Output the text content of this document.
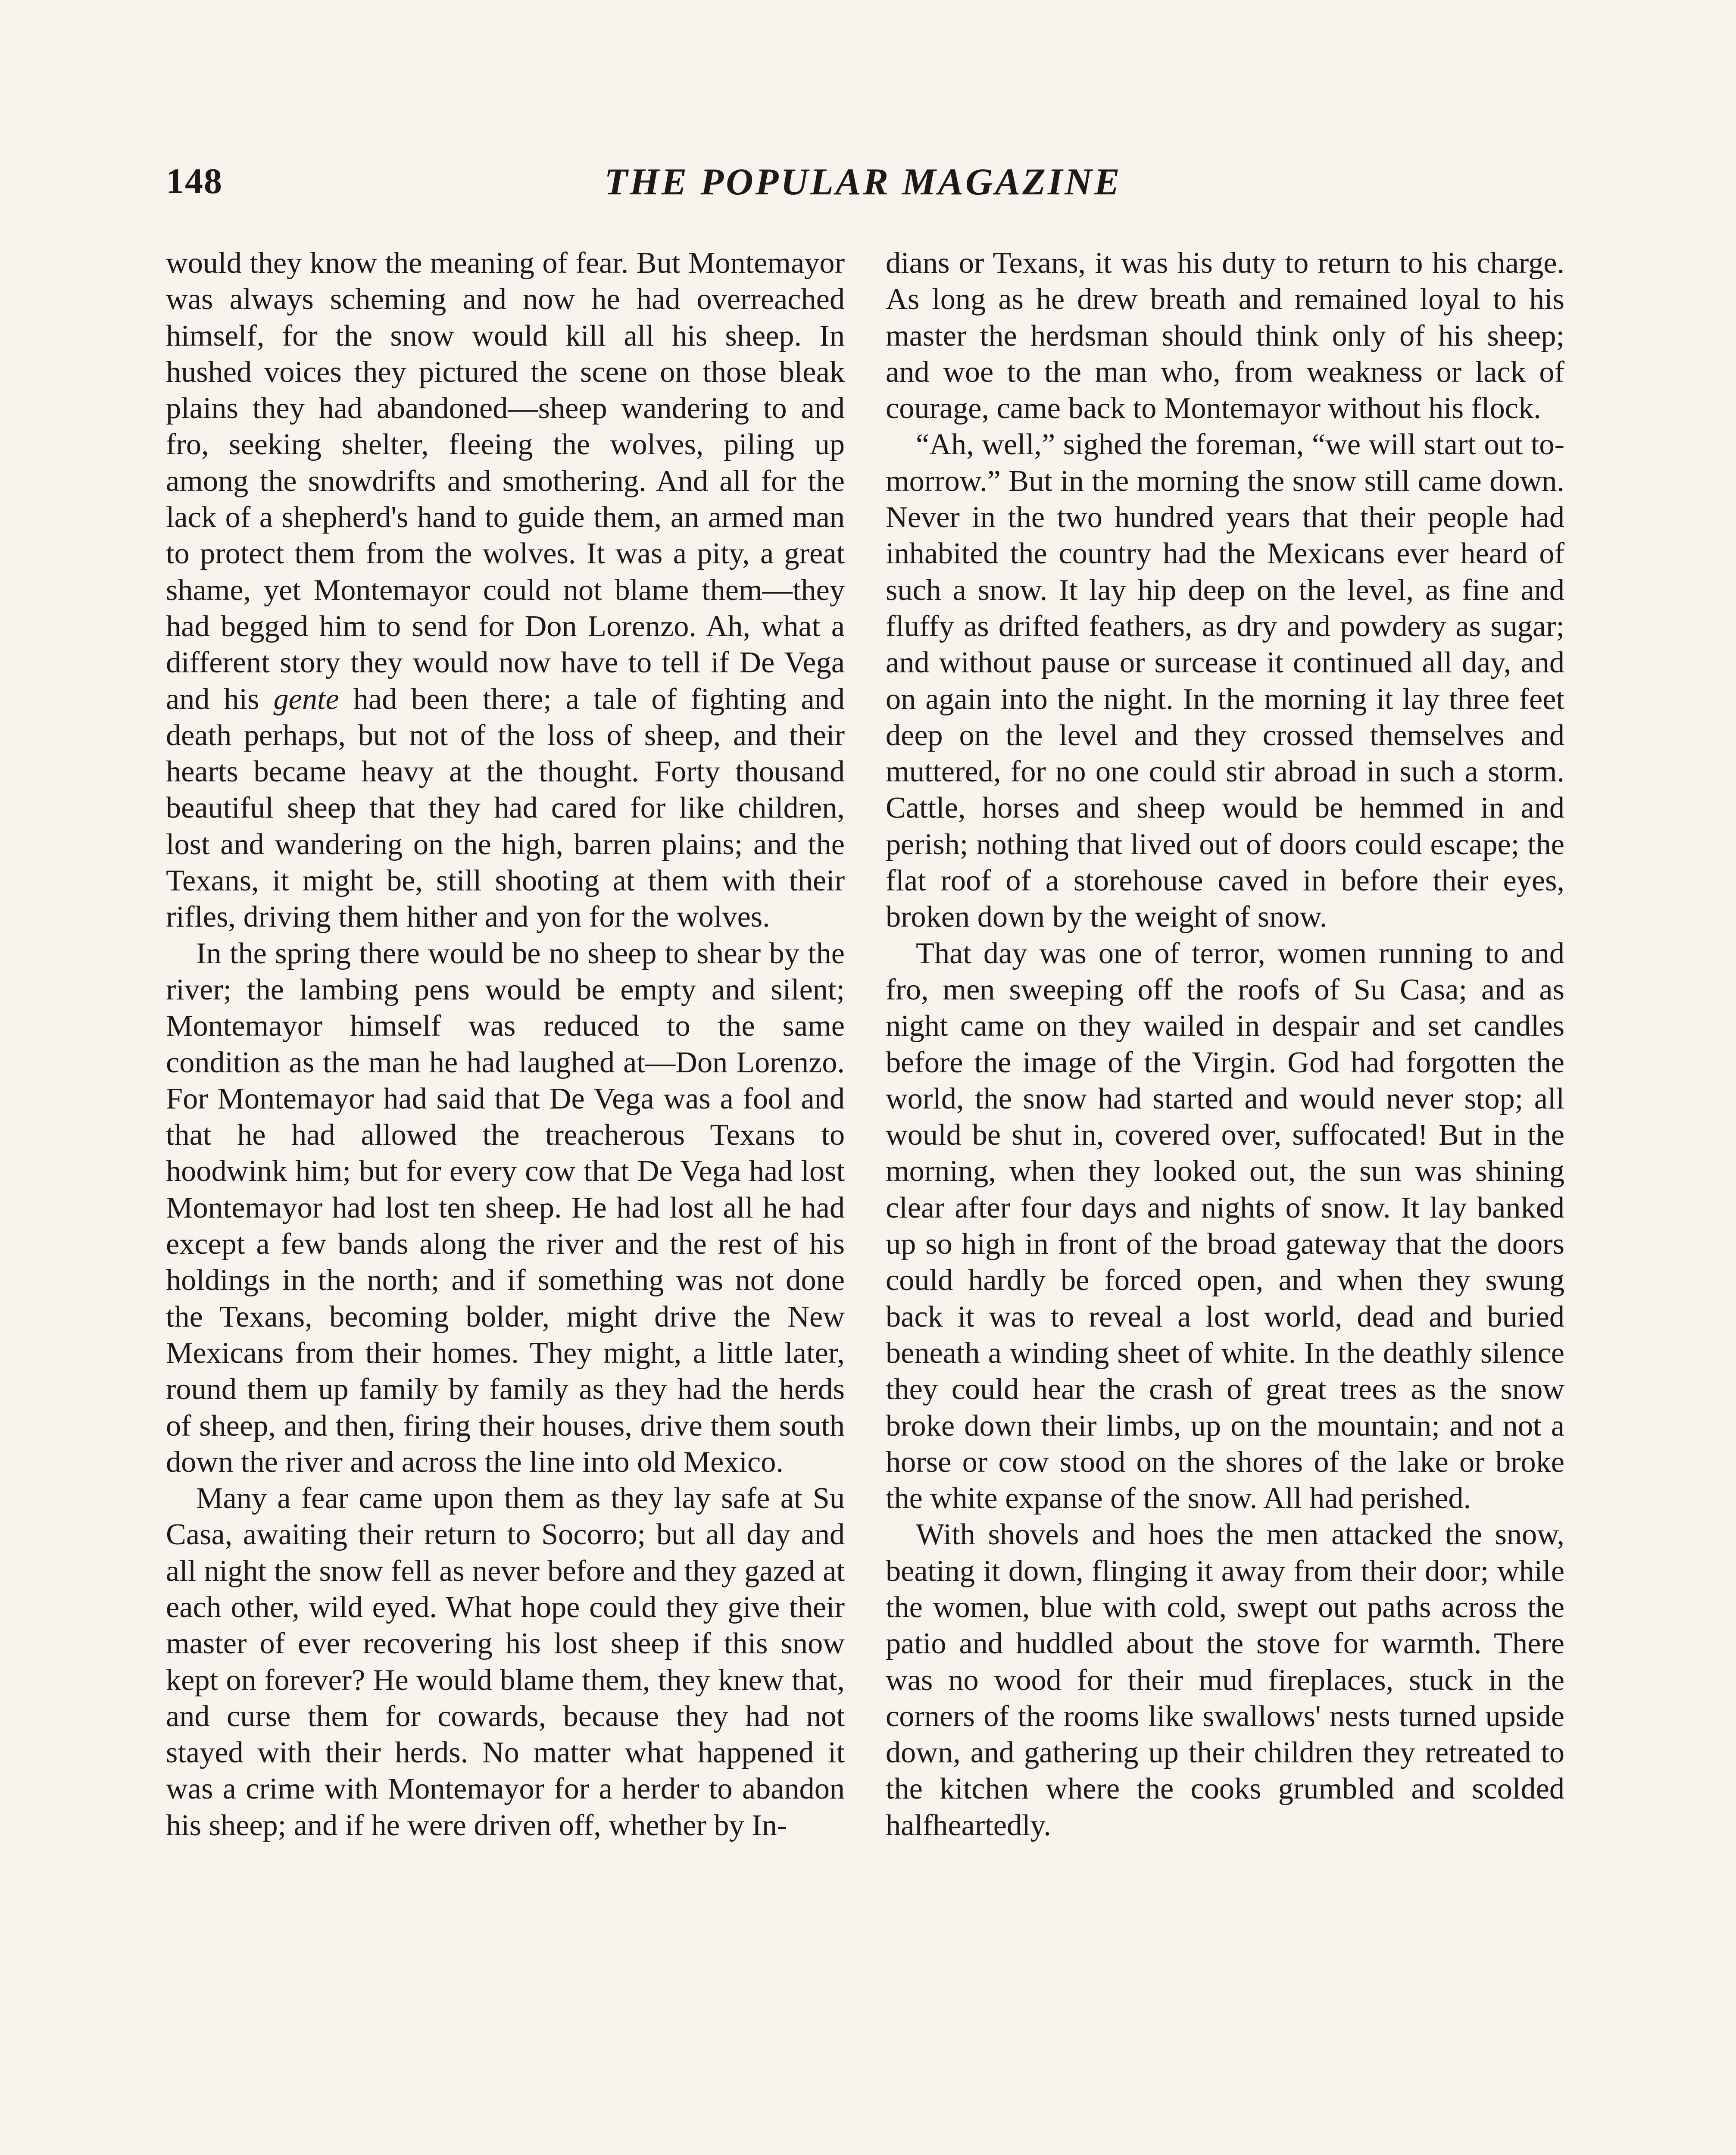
148	THE POPULAR MAGAZINE

would they know the meaning of fear. But Montemayor was always scheming and now he had overreached himself, for the snow would kill all his sheep. In hushed voices they pictured the scene on those bleak plains they had abandoned—sheep wandering to and fro, seeking shelter, fleeing the wolves, piling up among the snowdrifts and smothering. And all for the lack of a shepherd's hand to guide them, an armed man to protect them from the wolves. It was a pity, a great shame, yet Montemayor could not blame them—they had begged him to send for Don Lorenzo. Ah, what a different story they would now have to tell if De Vega and his gente had been there; a tale of fighting and death perhaps, but not of the loss of sheep, and their hearts became heavy at the thought. Forty thousand beautiful sheep that they had cared for like children, lost and wandering on the high, barren plains; and the Texans, it might be, still shooting at them with their rifles, driving them hither and yon for the wolves.

In the spring there would be no sheep to shear by the river; the lambing pens would be empty and silent; Montemayor himself was reduced to the same condition as the man he had laughed at—Don Lorenzo. For Montemayor had said that De Vega was a fool and that he had allowed the treacherous Texans to hoodwink him; but for every cow that De Vega had lost Montemayor had lost ten sheep. He had lost all he had except a few bands along the river and the rest of his holdings in the north; and if something was not done the Texans, becoming bolder, might drive the New Mexicans from their homes. They might, a little later, round them up family by family as they had the herds of sheep, and then, firing their houses, drive them south down the river and across the line into old Mexico.

Many a fear came upon them as they lay safe at Su Casa, awaiting their return to Socorro; but all day and all night the snow fell as never before and they gazed at each other, wild eyed. What hope could they give their master of ever recovering his lost sheep if this snow kept on forever? He would blame them, they knew that, and curse them for cowards, because they had not stayed with their herds. No matter what happened it was a crime with Montemayor for a herder to abandon his sheep; and if he were driven off, whether by In-

dians or Texans, it was his duty to return to his charge. As long as he drew breath and remained loyal to his master the herdsman should think only of his sheep; and woe to the man who, from weakness or lack of courage, came back to Montemayor without his flock.

“Ah, well,” sighed the foreman, “we will start out to-morrow.” But in the morning the snow still came down. Never in the two hundred years that their people had inhabited the country had the Mexicans ever heard of such a snow. It lay hip deep on the level, as fine and fluffy as drifted feathers, as dry and powdery as sugar; and without pause or surcease it continued all day, and on again into the night. In the morning it lay three feet deep on the level and they crossed themselves and muttered, for no one could stir abroad in such a storm. Cattle, horses and sheep would be hemmed in and perish; nothing that lived out of doors could escape; the flat roof of a storehouse caved in before their eyes, broken down by the weight of snow.

That day was one of terror, women running to and fro, men sweeping off the roofs of Su Casa; and as night came on they wailed in despair and set candles before the image of the Virgin. God had forgotten the world, the snow had started and would never stop; all would be shut in, covered over, suffocated! But in the morning, when they looked out, the sun was shining clear after four days and nights of snow. It lay banked up so high in front of the broad gateway that the doors could hardly be forced open, and when they swung back it was to reveal a lost world, dead and buried beneath a winding sheet of white. In the deathly silence they could hear the crash of great trees as the snow broke down their limbs, up on the mountain; and not a horse or cow stood on the shores of the lake or broke the white expanse of the snow. All had perished.

With shovels and hoes the men attacked the snow, beating it down, flinging it away from their door; while the women, blue with cold, swept out paths across the patio and huddled about the stove for warmth. There was no wood for their mud fireplaces, stuck in the corners of the rooms like swallows' nests turned upside down, and gathering up their children they retreated to the kitchen where the cooks grumbled and scolded halfheartedly.
